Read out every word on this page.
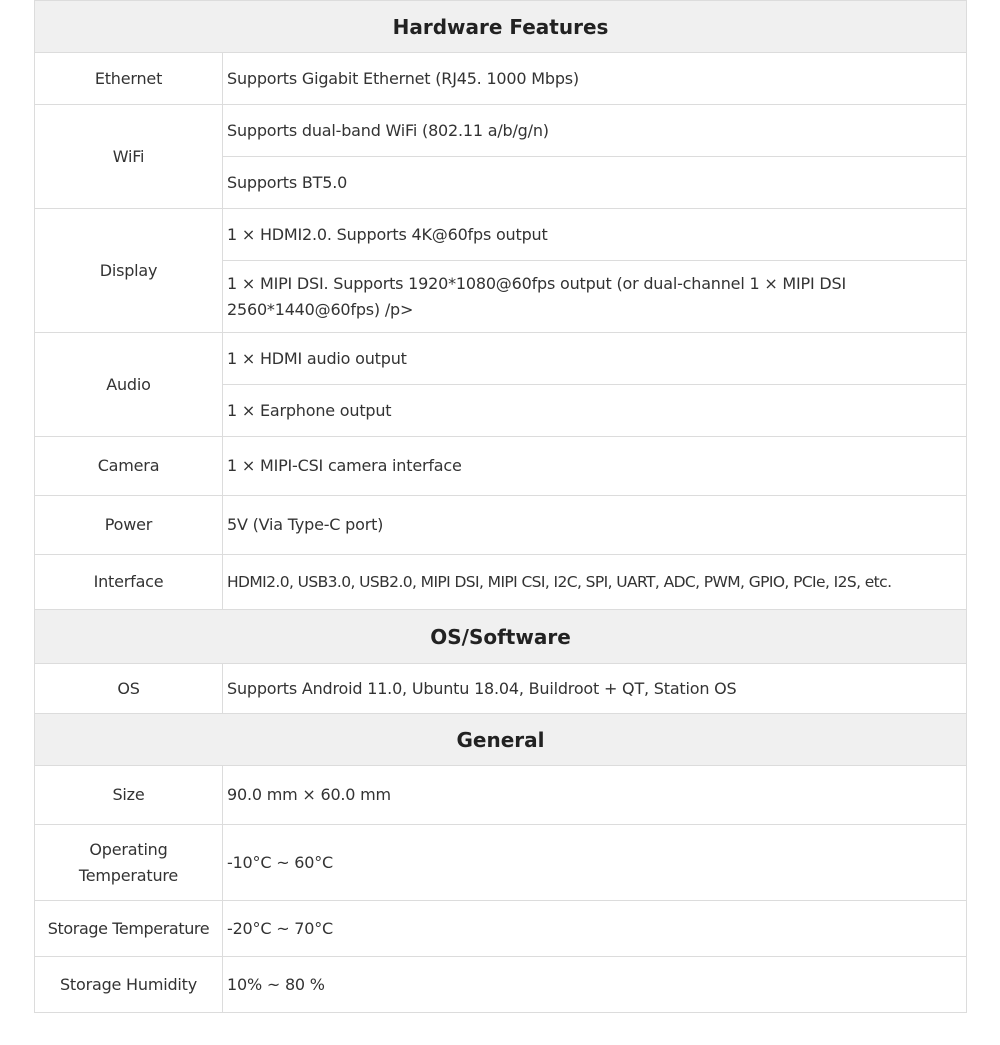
Hardware Features	
Ethernet	Supports Gigabit Ethernet (RJ45. 1000 Mbps)
WiFi	Supports dual-band WiFi (802.11 a/b/g/n)
	Supports BT5.0
Display	1 × HDMI2.0. Supports 4K@60fps output
	1 × MIPI DSI. Supports 1920*1080@60fps output (or dual-channel 1 × MIPI DSI 2560*1440@60fps) /p>
Audio	1 × HDMI audio output
	1 × Earphone output
Camera	1 × MIPI-CSI camera interface
Power	5V (Via Type-C port)
Interface	HDMI2.0, USB3.0, USB2.0, MIPI DSI, MIPI CSI, I2C, SPI, UART, ADC, PWM, GPIO, PCIe, I2S, etc.
OS/Software	
OS	Supports Android 11.0, Ubuntu 18.04, Buildroot + QT, Station OS
General	
Size	90.0 mm × 60.0 mm

Operating
Temperature	-10°C ~ 60°C
Storage Temperature	-20°C ~ 70°C
Storage Humidity	10% ~ 80 %
